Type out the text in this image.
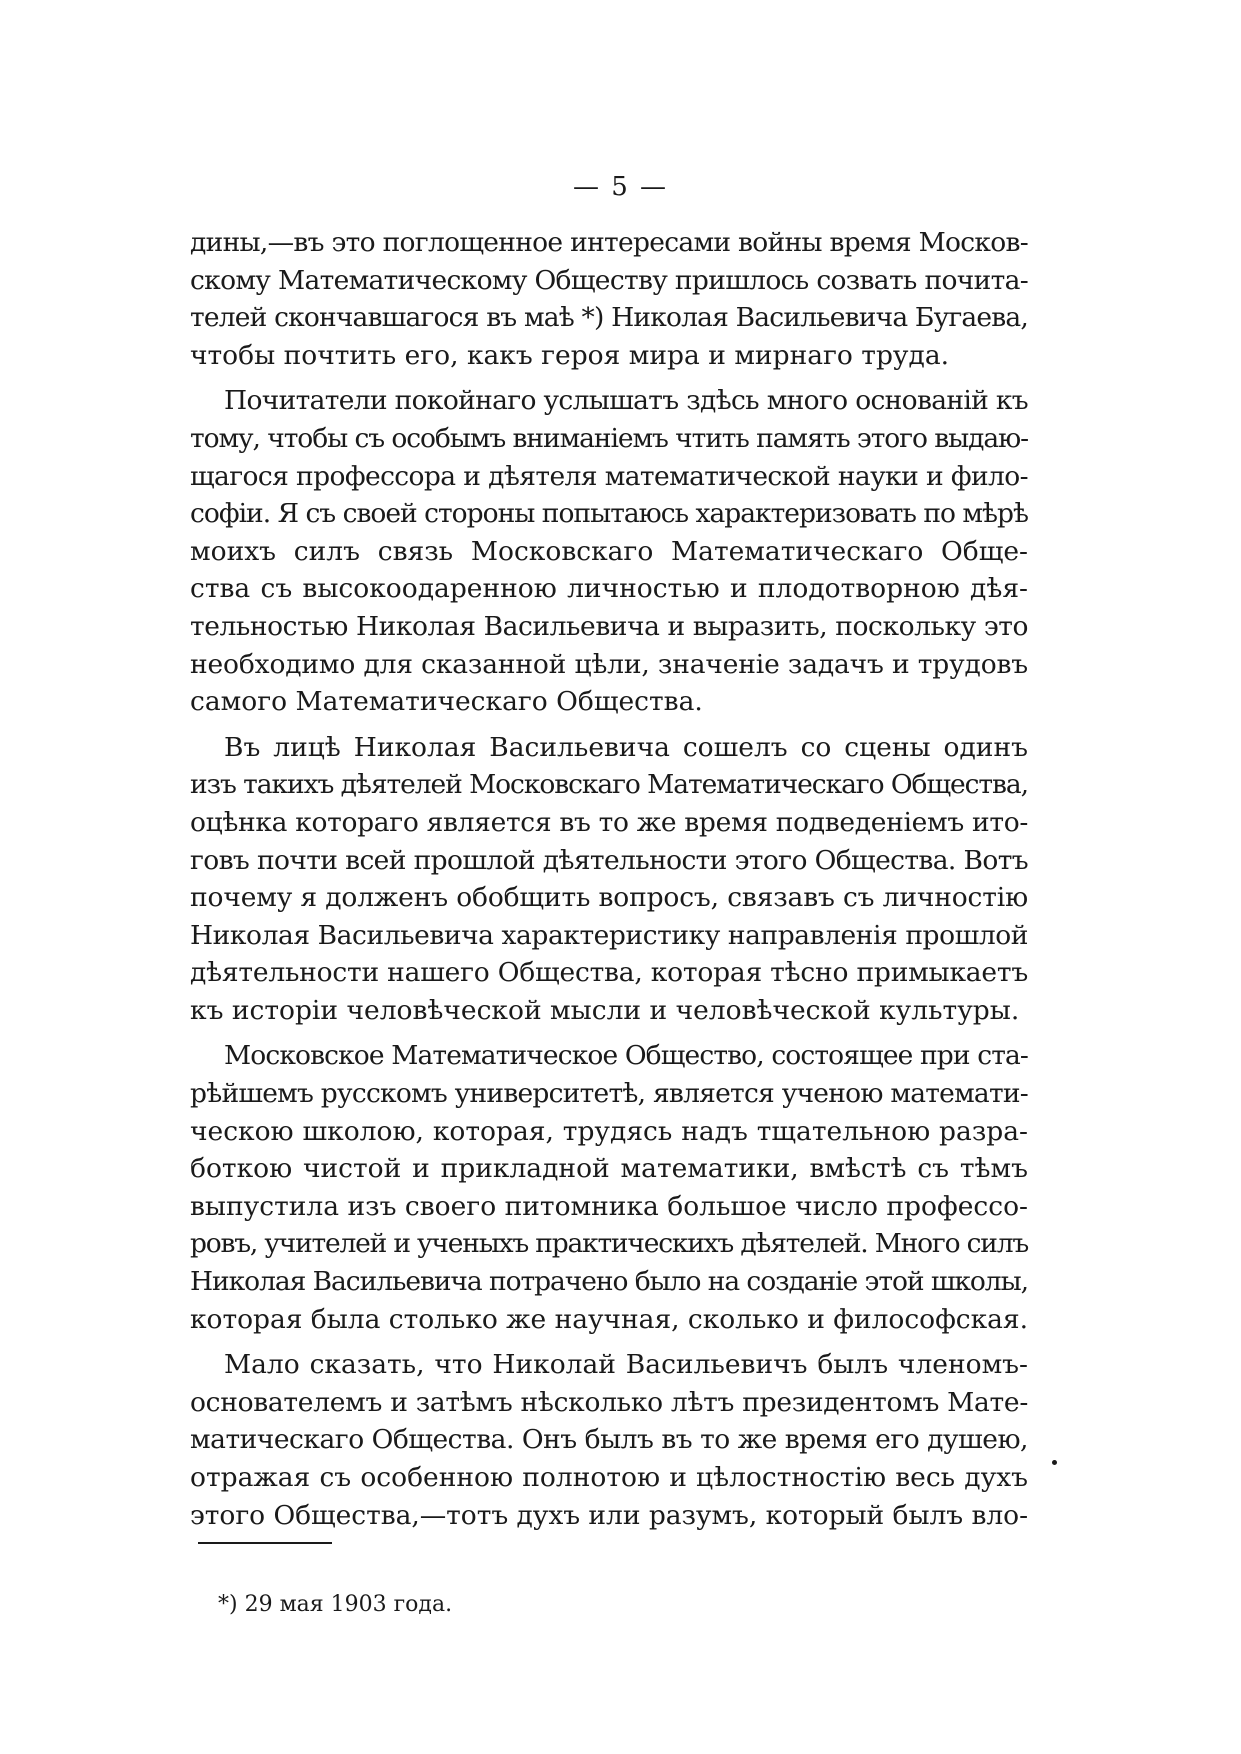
— 5 —

дины,—въ это поглощенное интересами войны время Москов-
скому Математическому Обществу пришлось созвать почита-
телей скончавшагося въ маѣ *) Николая Васильевича Бугаева,
чтобы почтить его, какъ героя мира и мирнаго труда.

Почитатели покойнаго услышатъ здѣсь много основаній къ
тому, чтобы съ особымъ вниманіемъ чтить память этого выдаю-
щагося профессора и дѣятеля математической науки и фило-
софіи. Я съ своей стороны попытаюсь характеризовать по мѣрѣ
моихъ силъ связь Московскаго Математическаго Обще-
ства съ высокоодаренною личностью и плодотворною дѣя-
тельностью Николая Васильевича и выразить, поскольку это
необходимо для сказанной цѣли, значеніе задачъ и трудовъ
самого Математическаго Общества.

Въ лицѣ Николая Васильевича сошелъ со сцены одинъ
изъ такихъ дѣятелей Московскаго Математическаго Общества,
оцѣнка котораго является въ то же время подведеніемъ ито-
говъ почти всей прошлой дѣятельности этого Общества. Вотъ
почему я долженъ обобщить вопросъ, связавъ съ личностію
Николая Васильевича характеристику направленія прошлой
дѣятельности нашего Общества, которая тѣсно примыкаетъ
къ исторіи человѣческой мысли и человѣческой культуры.

Московское Математическое Общество, состоящее при ста-
рѣйшемъ русскомъ университетѣ, является ученою математи-
ческою школою, которая, трудясь надъ тщательною разра-
боткою чистой и прикладной математики, вмѣстѣ съ тѣмъ
выпустила изъ своего питомника большое число профессо-
ровъ, учителей и ученыхъ практическихъ дѣятелей. Много силъ
Николая Васильевича потрачено было на созданіе этой школы,
которая была столько же научная, сколько и философская.

Мало сказать, что Николай Васильевичъ былъ членомъ-
основателемъ и затѣмъ нѣсколько лѣтъ президентомъ Мате-
матическаго Общества. Онъ былъ въ то же время его душею,
отражая съ особенною полнотою и цѣлостностію весь духъ
этого Общества,—тотъ духъ или разумъ, который былъ вло-

*) 29 мая 1903 года.
